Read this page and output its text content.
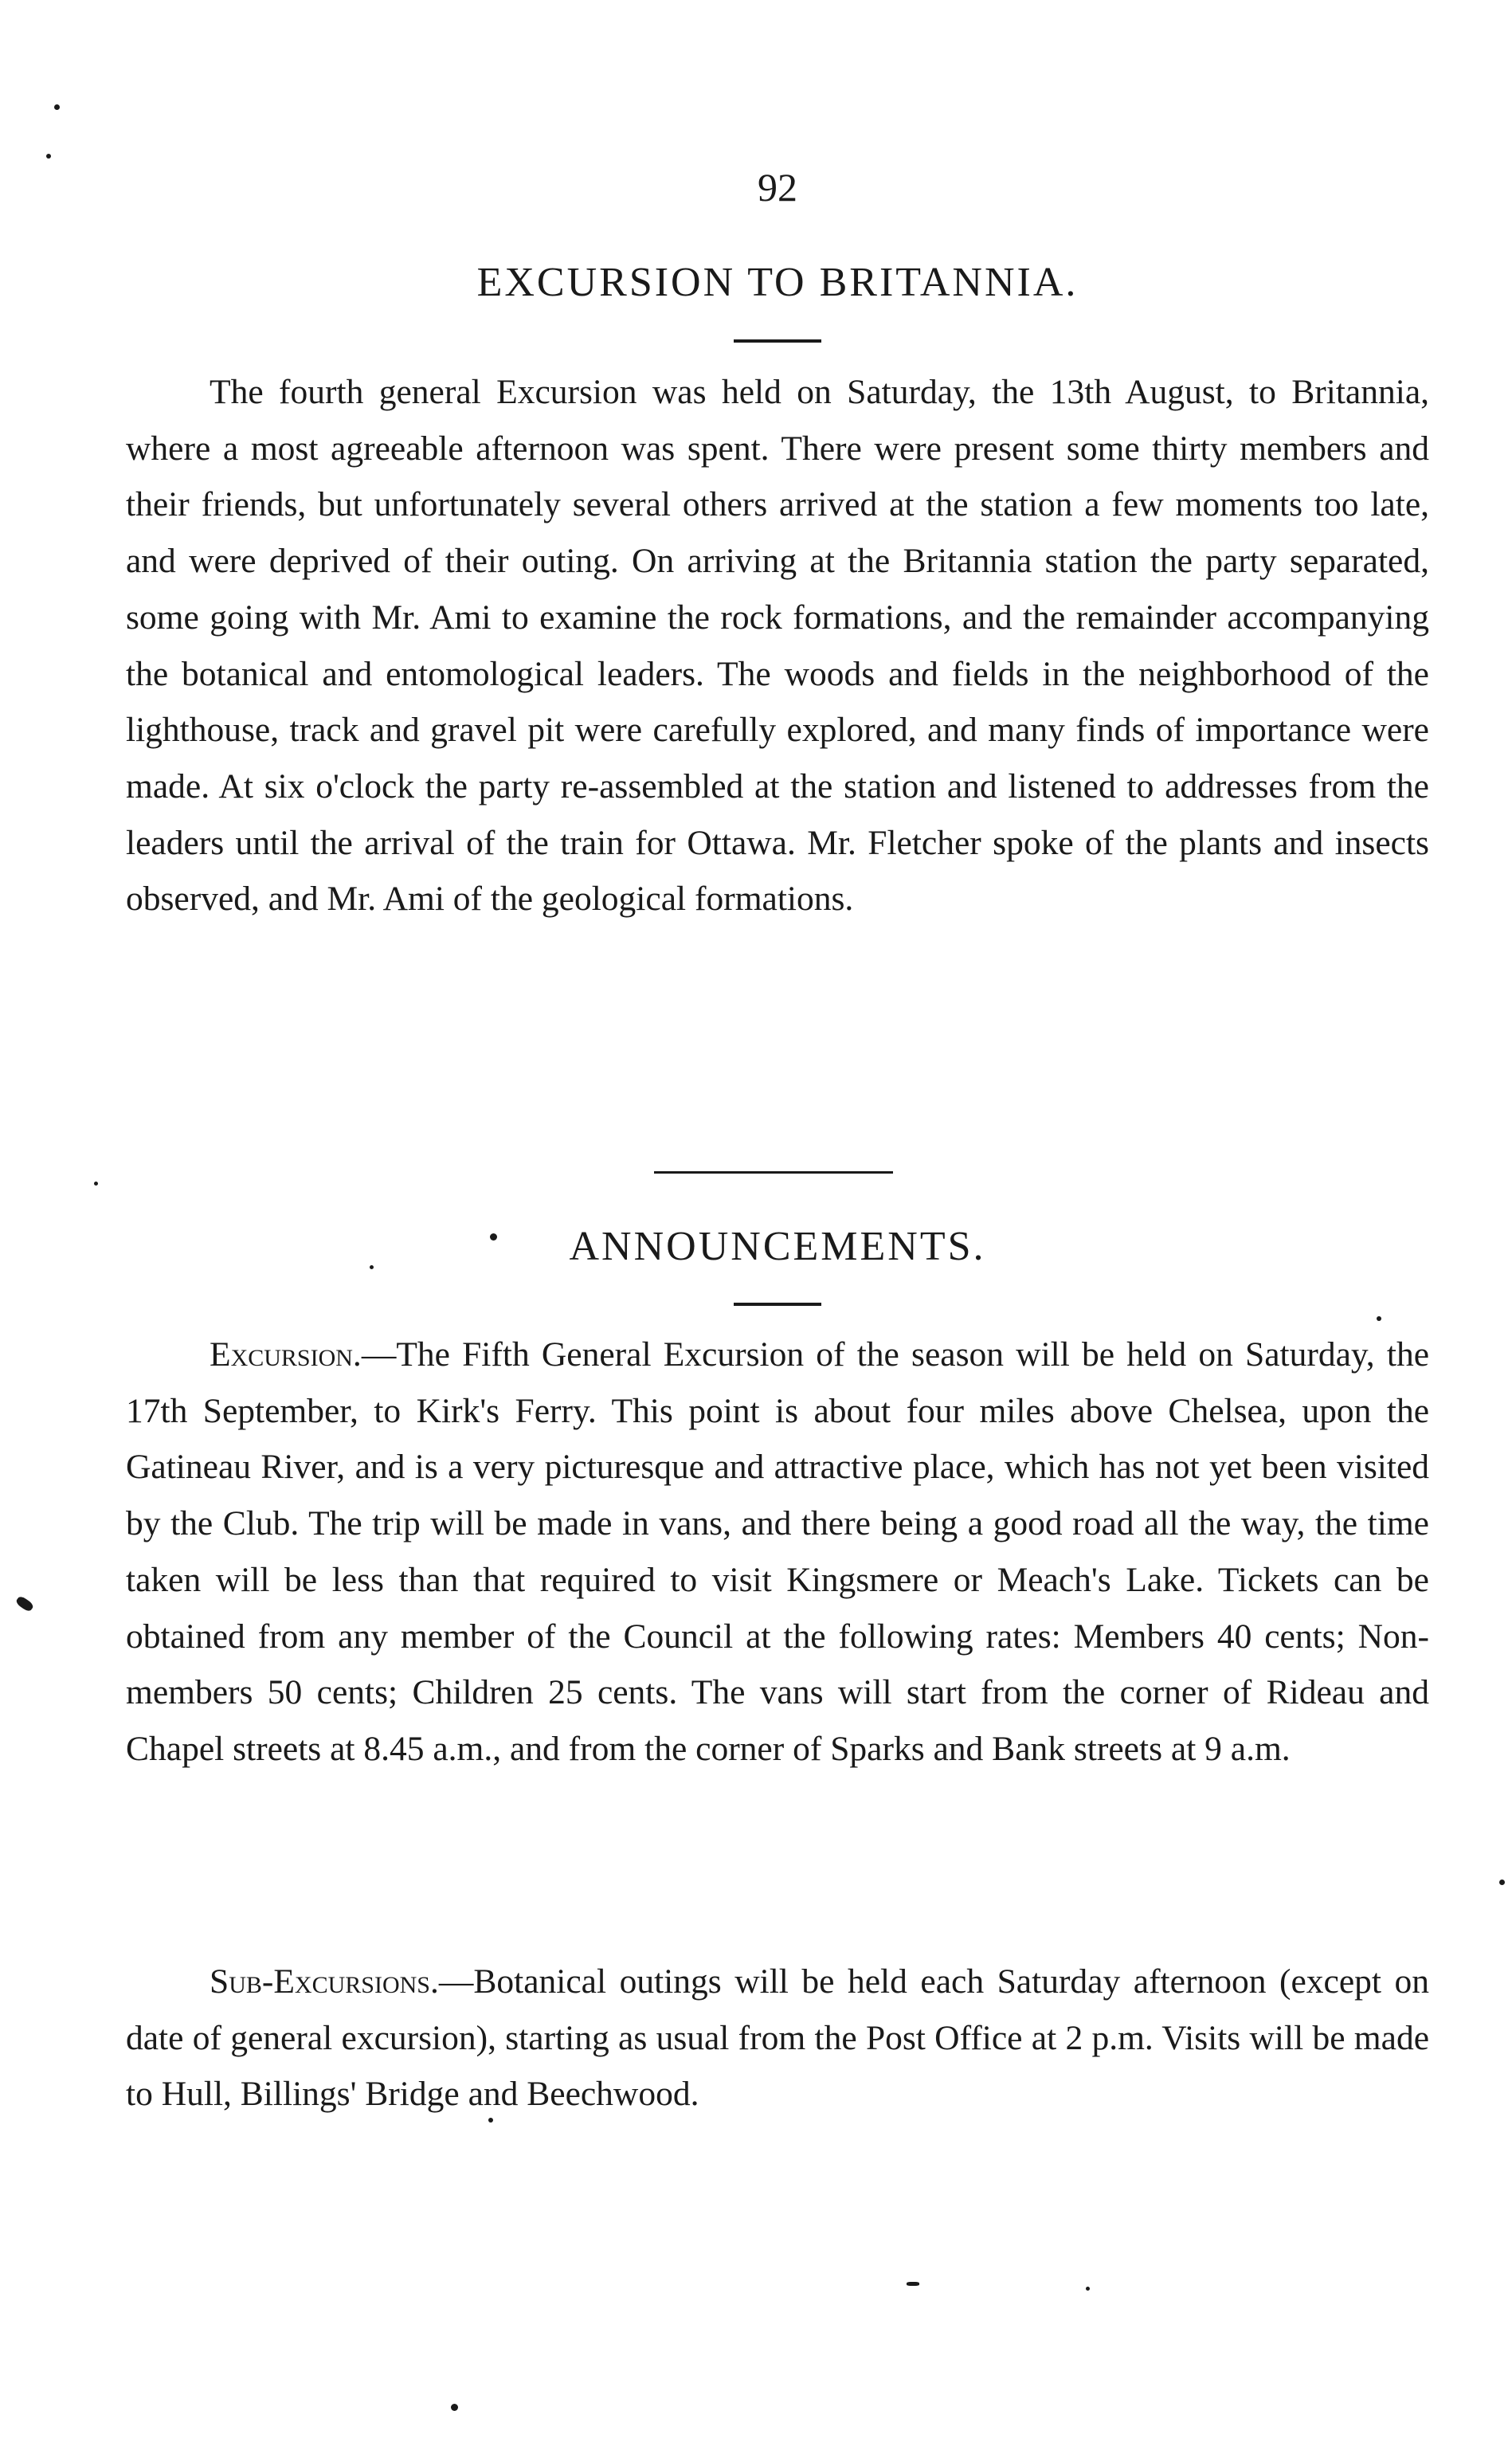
92
EXCURSION TO BRITANNIA.

The fourth general Excursion was held on Saturday, the 13th August, to Britannia, where a most agreeable afternoon was spent. There were present some thirty members and their friends, but unfortunately several others arrived at the station a few moments too late, and were deprived of their outing. On arriving at the Britannia station the party separated, some going with Mr. Ami to examine the rock formations, and the remainder accompanying the botanical and entomological leaders. The woods and fields in the neighborhood of the lighthouse, track and gravel pit were carefully explored, and many finds of importance were made. At six o'clock the party re-assembled at the station and listened to addresses from the leaders until the arrival of the train for Ottawa. Mr. Fletcher spoke of the plants and insects observed, and Mr. Ami of the geological formations.

ANNOUNCEMENTS.

Excursion.—The Fifth General Excursion of the season will be held on Saturday, the 17th September, to Kirk's Ferry. This point is about four miles above Chelsea, upon the Gatineau River, and is a very picturesque and attractive place, which has not yet been visited by the Club. The trip will be made in vans, and there being a good road all the way, the time taken will be less than that required to visit Kingsmere or Meach's Lake. Tickets can be obtained from any member of the Council at the following rates: Members 40 cents; Non-members 50 cents; Children 25 cents. The vans will start from the corner of Rideau and Chapel streets at 8.45 a.m., and from the corner of Sparks and Bank streets at 9 a.m.

Sub-Excursions.—Botanical outings will be held each Saturday afternoon (except on date of general excursion), starting as usual from the Post Office at 2 p.m. Visits will be made to Hull, Billings' Bridge and Beechwood.
